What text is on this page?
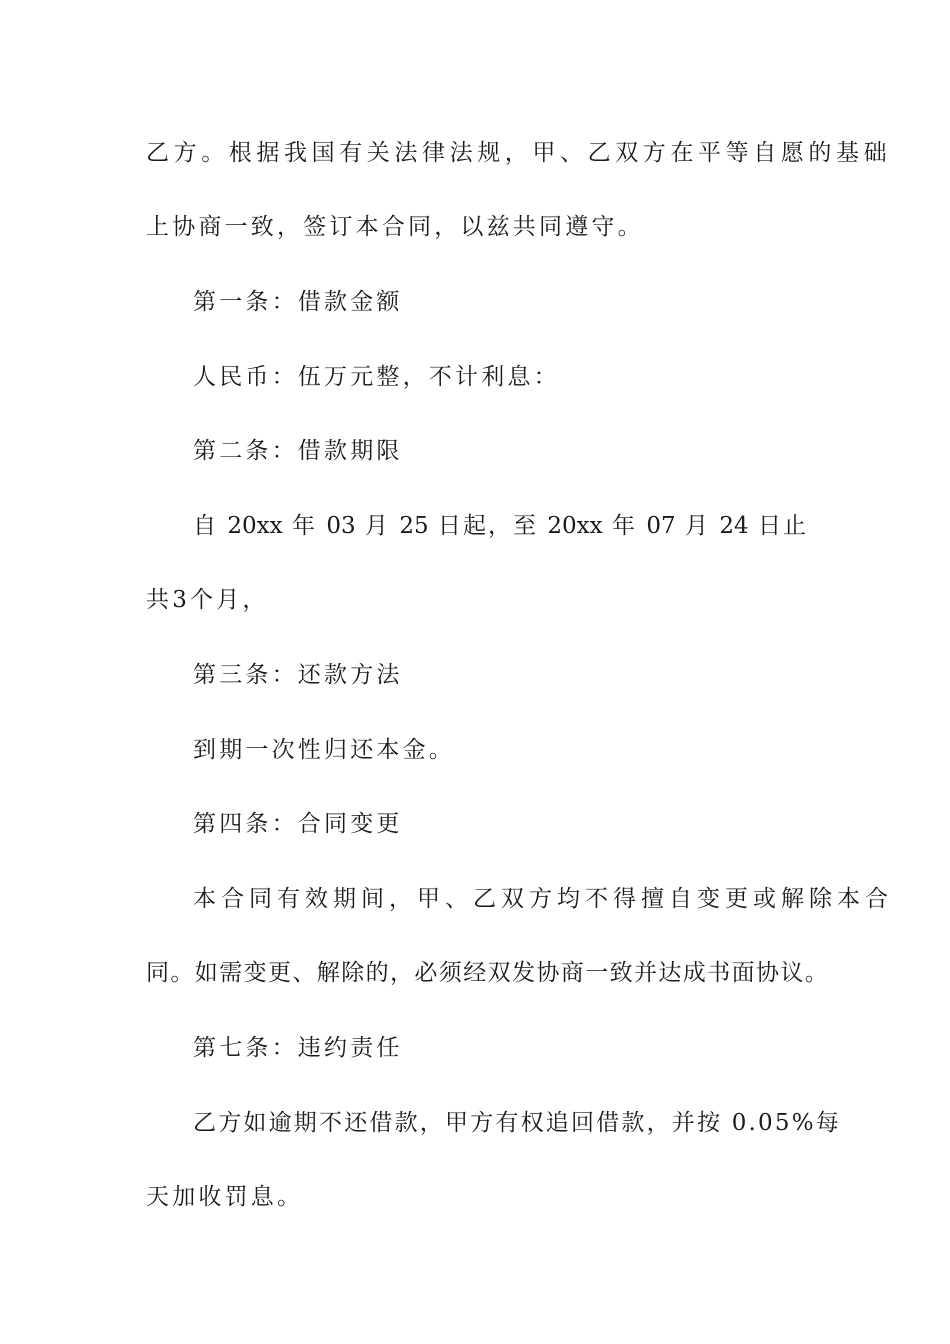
乙方。根据我国有关法律法规，甲、乙双方在平等自愿的基础
上协商一致，签订本合同，以兹共同遵守。
第一条：借款金额
人民币：伍万元整，不计利息：
第二条：借款期限
自 20xx 年 03 月 25 日起，至 20xx 年 07 月 24 日止
共3个月，
第三条：还款方法
到期一次性归还本金。
第四条：合同变更
本合同有效期间，甲、乙双方均不得擅自变更或解除本合
同。如需变更、解除的，必须经双发协商一致并达成书面协议。
第七条：违约责任
乙方如逾期不还借款，甲方有权追回借款，并按 0.05%每
天加收罚息。
